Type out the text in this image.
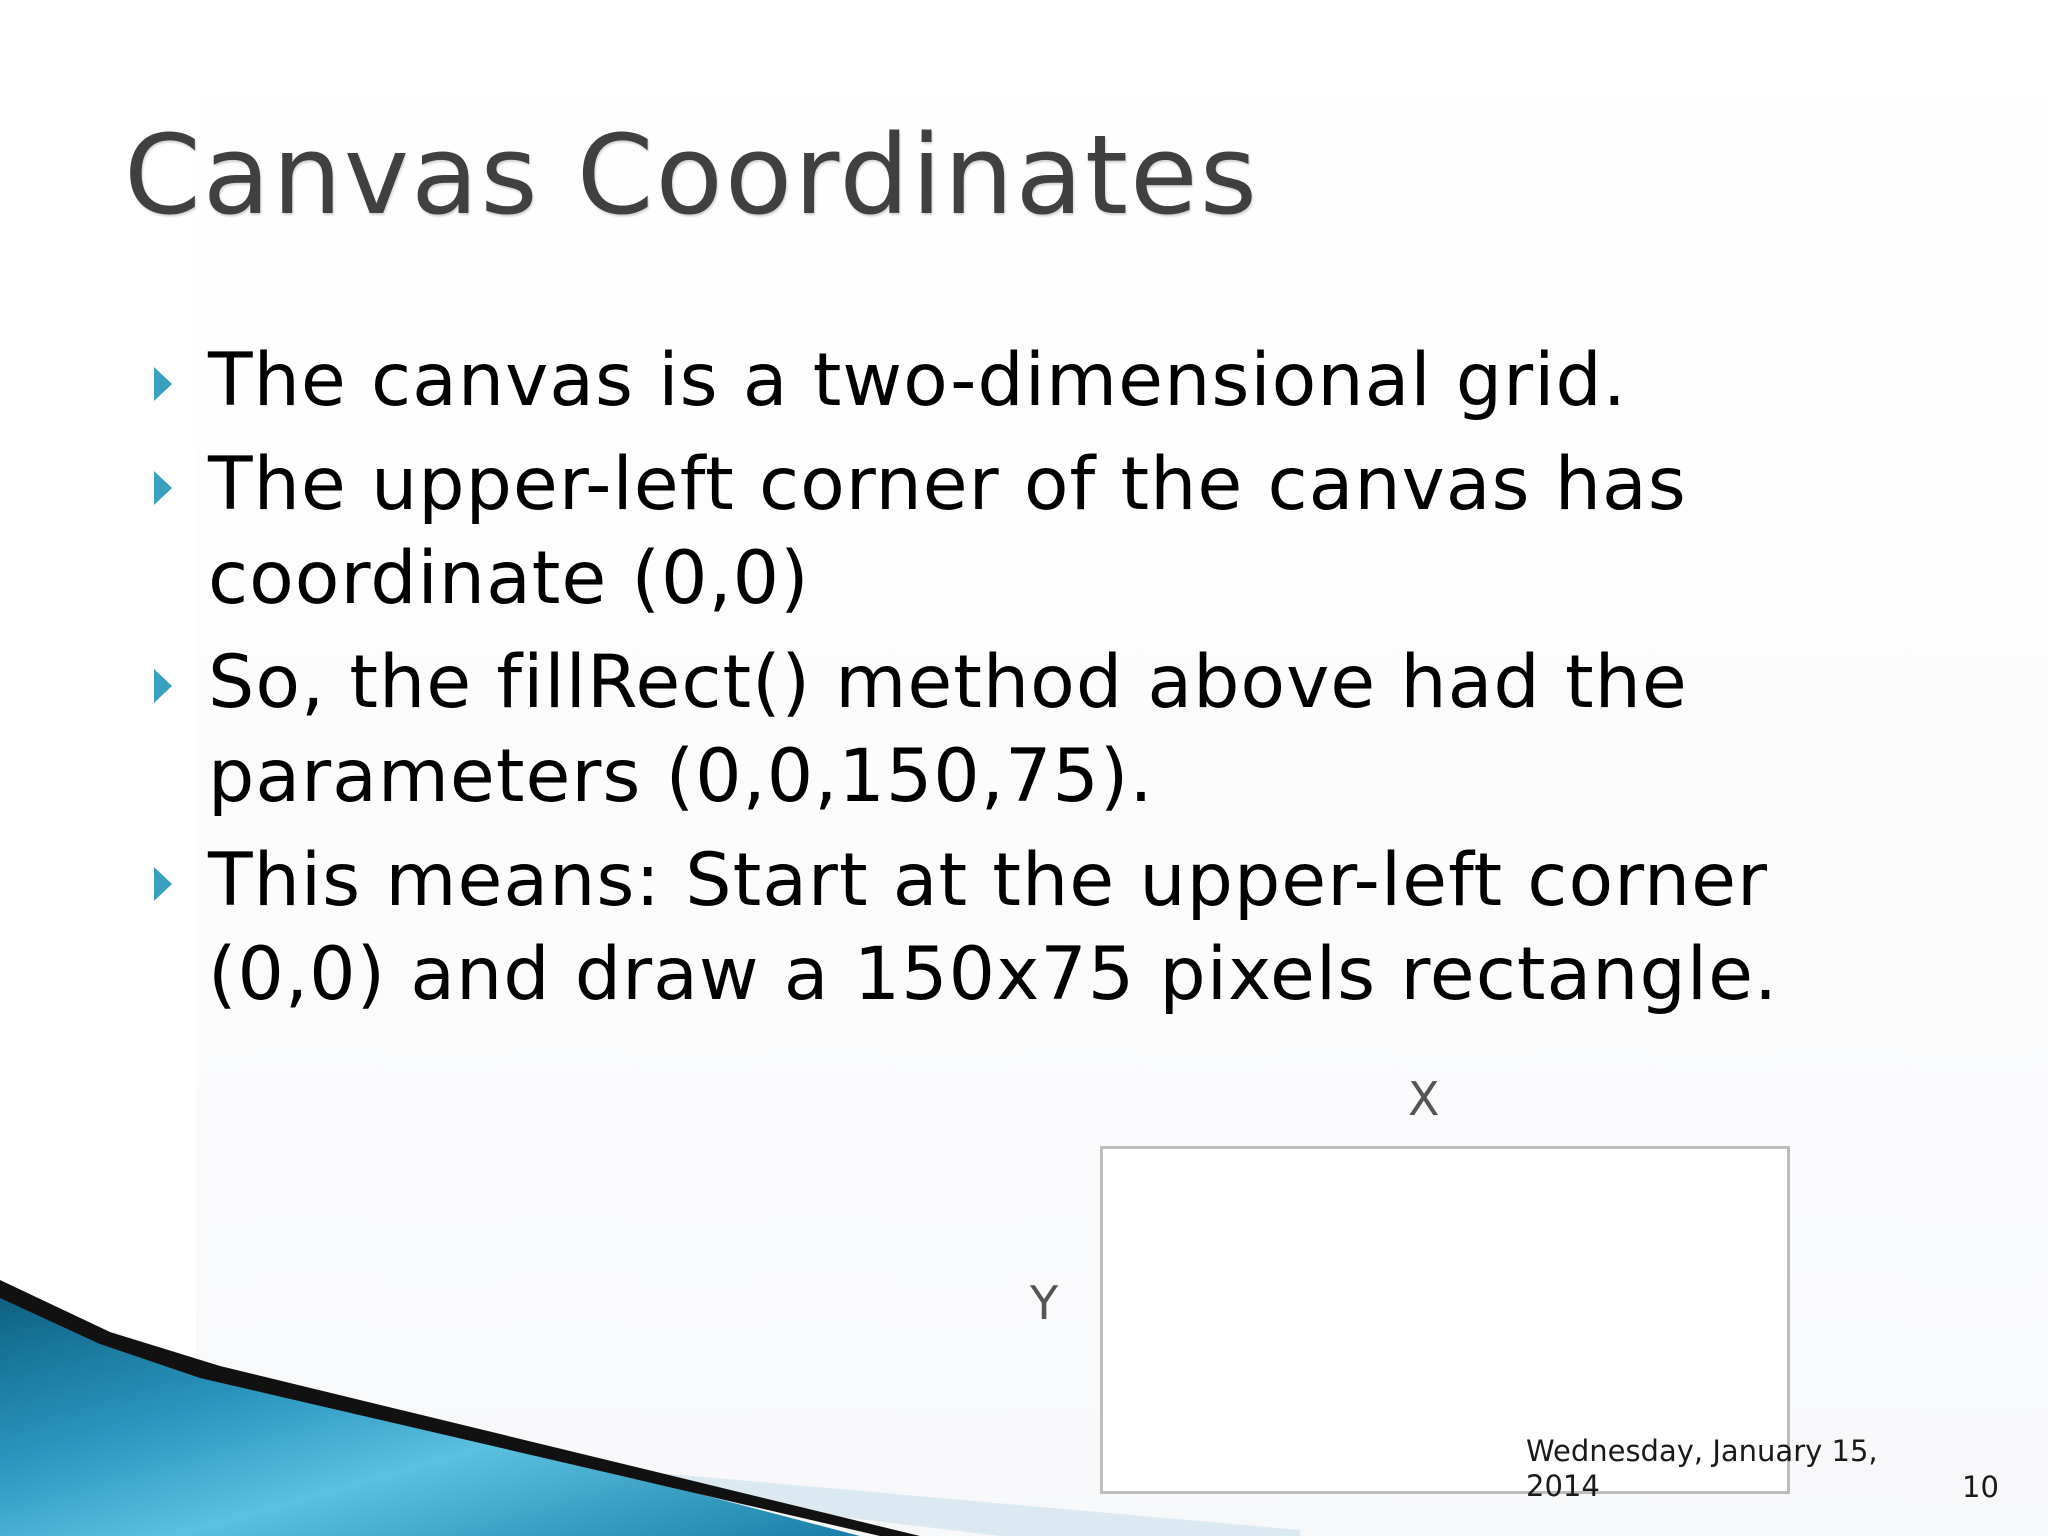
Canvas Coordinates
The canvas is a two-dimensional grid.
The upper-left corner of the canvas has coordinate (0,0)
So, the fillRect() method above had the parameters (0,0,150,75).
This means: Start at the upper-left corner (0,0) and draw a 150x75 pixels rectangle.
X
Y
Wednesday, January 15, 2014	10
